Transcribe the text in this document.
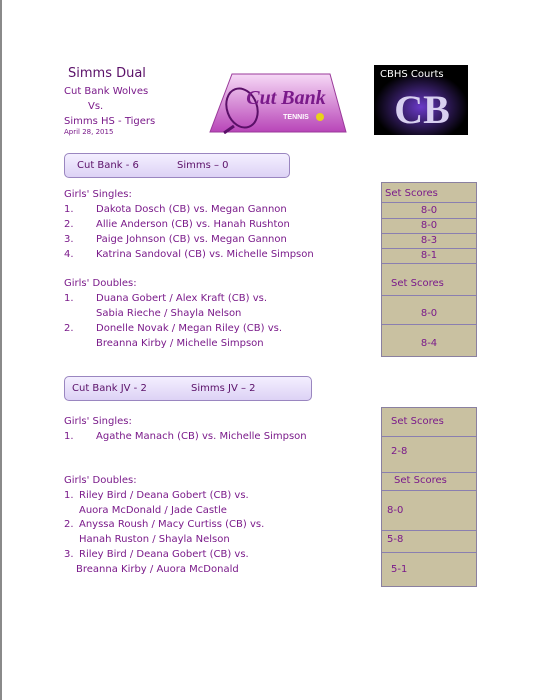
Simms Dual
Cut Bank Wolves
Vs.
Simms HS - Tigers
April 28, 2015
Cut Bank
TENNIS CB
CBHS Courts
Cut Bank - 6	Simms – 0
Girls' Singles:
1. Dakota Dosch (CB) vs. Megan Gannon
2. Allie Anderson (CB) vs. Hanah Rushton
3. Paige Johnson (CB) vs. Megan Gannon
4. Katrina Sandoval (CB) vs. Michelle Simpson
Girls' Doubles:
1. Duana Gobert / Alex Kraft (CB) vs.
Sabia Rieche / Shayla Nelson
2. Donelle Novak / Megan Riley (CB) vs.
Breanna Kirby / Michelle Simpson
Set Scores
8-0
8-0
8-3
8-1
Set Scores
8-0
8-4
Cut Bank JV - 2	Simms JV – 2
Girls' Singles:
1. Agathe Manach (CB) vs. Michelle Simpson
Girls' Doubles:
1. Riley Bird / Deana Gobert (CB) vs.
Auora McDonald / Jade Castle
2. Anyssa Roush / Macy Curtiss (CB) vs.
Hanah Ruston / Shayla Nelson
3. Riley Bird / Deana Gobert (CB) vs.
Breanna Kirby / Auora McDonald
Set Scores
2-8
Set Scores
8-0
5-8
5-1
